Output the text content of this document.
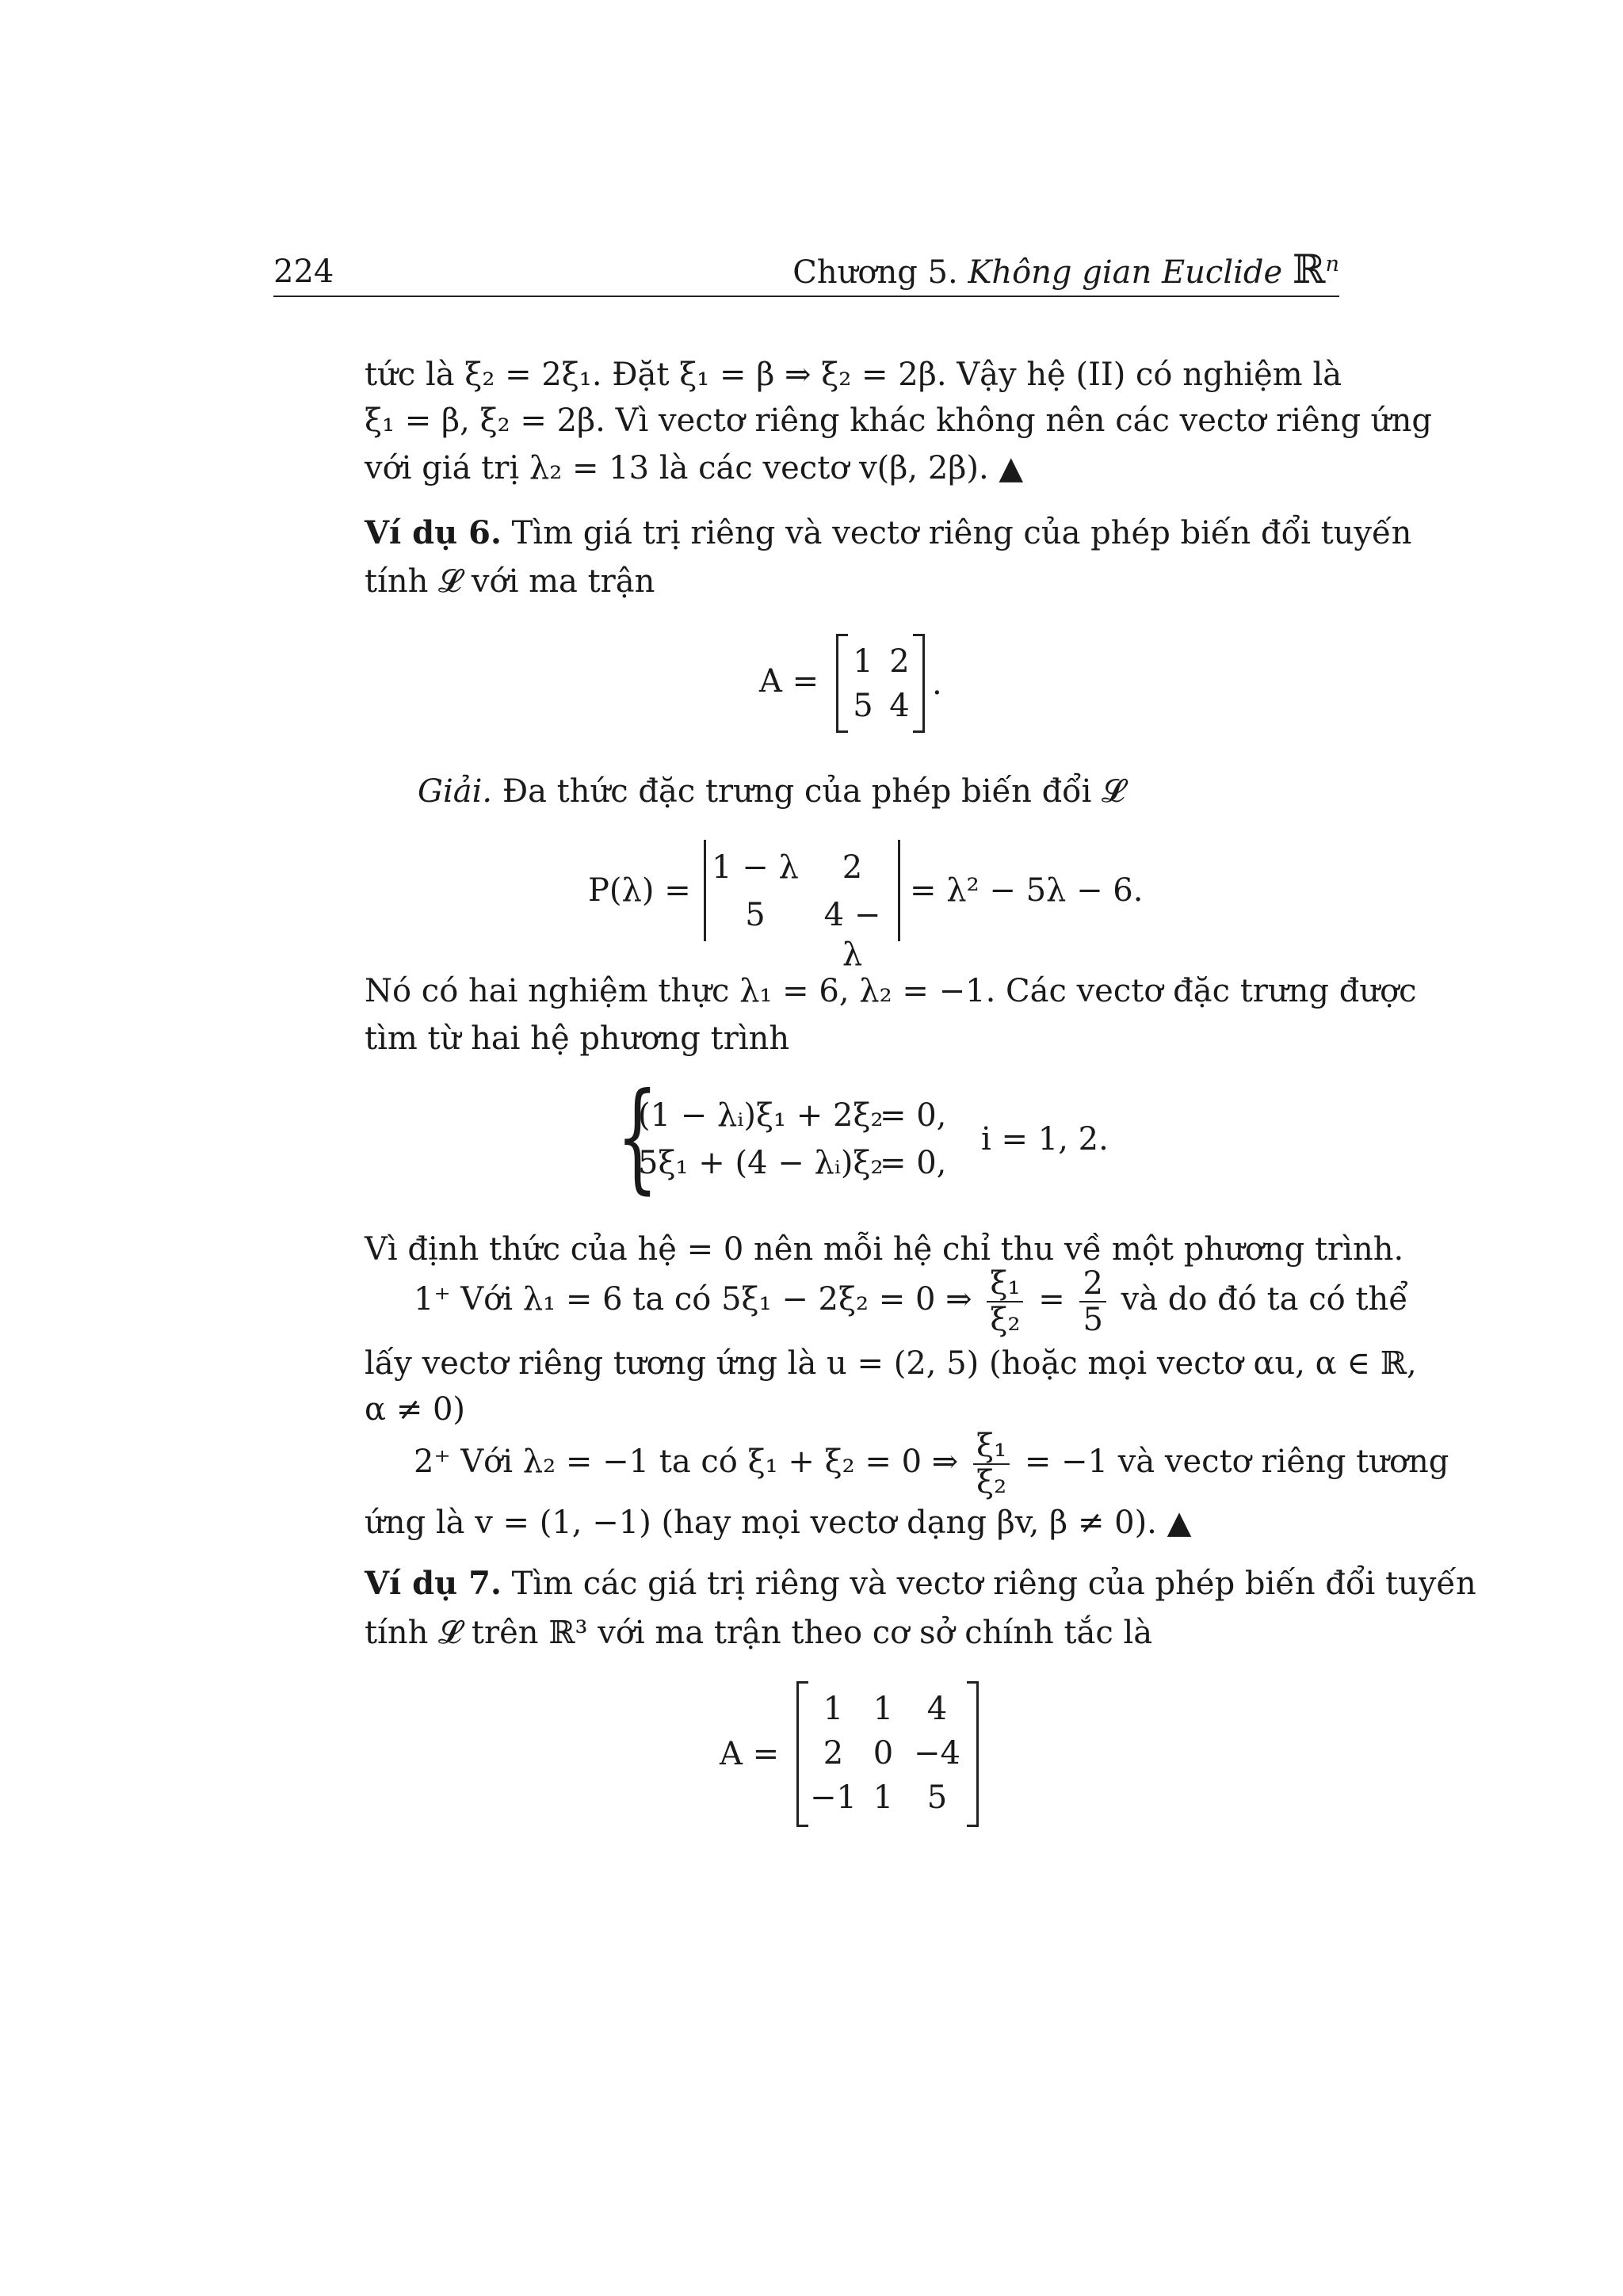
224	Chương 5. Không gian Euclide ℝ$^n$
tức là ξ₂ = 2ξ₁. Đặt ξ₁ = β ⇒ ξ₂ = 2β. Vậy hệ (II) có nghiệm là
ξ₁ = β, ξ₂ = 2β. Vì vectơ riêng khác không nên các vectơ riêng ứng
với giá trị λ₂ = 13 là các vectơ v(β, 2β). ▲
Ví dụ 6. Tìm giá trị riêng và vectơ riêng của phép biến đổi tuyến
tính 𝓛 với ma trận
A =
1 2
5 4
.
Giải. Đa thức đặc trưng của phép biến đổi 𝓛
P(λ) =
1 − λ	2
5	4 − λ
= λ² − 5λ − 6.
Nó có hai nghiệm thực λ₁ = 6, λ₂ = −1. Các vectơ đặc trưng được
tìm từ hai hệ phương trình
{
(1 − λᵢ)ξ₁ + 2ξ₂
5ξ₁ + (4 − λᵢ)ξ₂
= 0,
= 0,
i = 1, 2.
Vì định thức của hệ = 0 nên mỗi hệ chỉ thu về một phương trình.
1⁺ Với λ₁ = 6 ta có 5ξ₁ − 2ξ₂ = 0 ⇒ $\frac{\text{ξ₁}}{\text{ξ₂}} = \frac{2}{5}$ và do đó ta có thể
lấy vectơ riêng tương ứng là u = (2, 5) (hoặc mọi vectơ αu, α ∈ ℝ,
α ≠ 0)
2⁺ Với λ₂ = −1 ta có ξ₁ + ξ₂ = 0 ⇒ $\frac{\text{ξ₁}}{\text{ξ₂}} = -1$ và vectơ riêng tương
ứng là v = (1, −1) (hay mọi vectơ dạng βv, β ≠ 0). ▲
Ví dụ 7. Tìm các giá trị riêng và vectơ riêng của phép biến đổi tuyến
tính 𝓛 trên ℝ³ với ma trận theo cơ sở chính tắc là
A =
1 1	4
2 0 −4
−1 1	5
